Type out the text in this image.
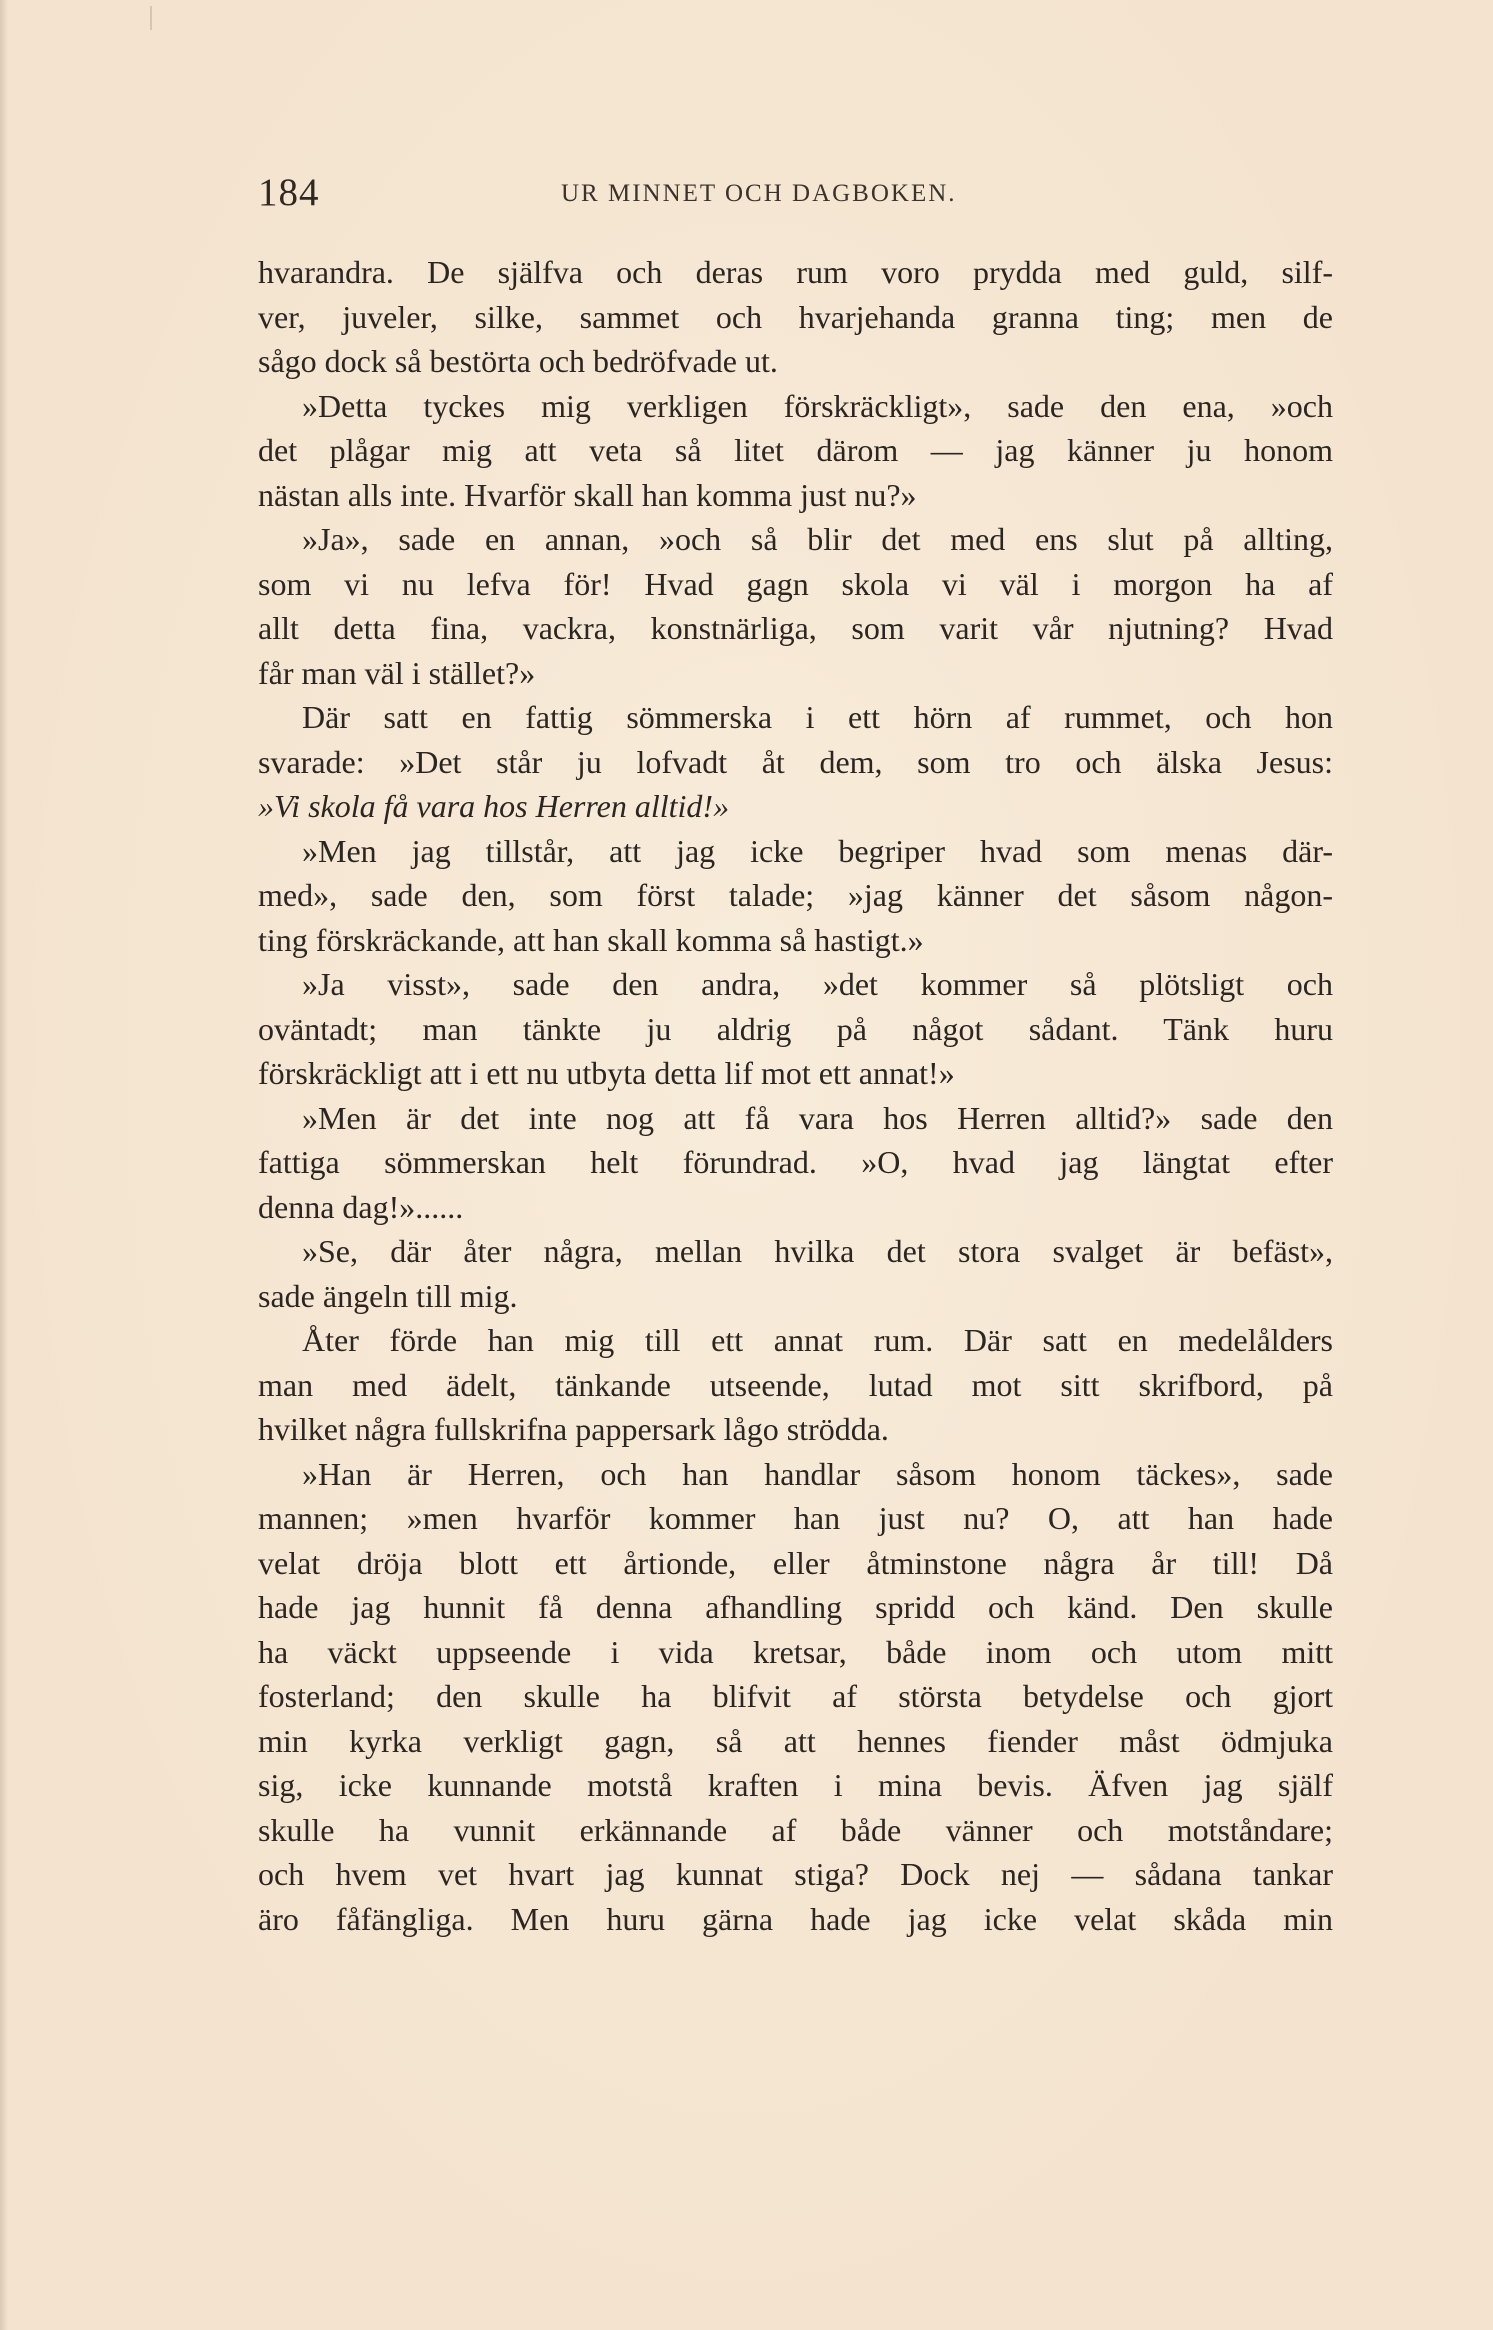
184	UR MINNET OCH DAGBOKEN.
hvarandra. De själfva och deras rum voro prydda med guld, silf-
ver, juveler, silke, sammet och hvarjehanda granna ting; men de
sågo dock så bestörta och bedröfvade ut.
»Detta tyckes mig verkligen förskräckligt», sade den ena, »och
det plågar mig att veta så litet därom — jag känner ju honom
nästan alls inte. Hvarför skall han komma just nu?»
»Ja», sade en annan, »och så blir det med ens slut på allting,
som vi nu lefva för! Hvad gagn skola vi väl i morgon ha af
allt detta fina, vackra, konstnärliga, som varit vår njutning? Hvad
får man väl i stället?»
Där satt en fattig sömmerska i ett hörn af rummet, och hon
svarade: »Det står ju lofvadt åt dem, som tro och älska Jesus:
»Vi skola få vara hos Herren alltid!»
»Men jag tillstår, att jag icke begriper hvad som menas där-
med», sade den, som först talade; »jag känner det såsom någon-
ting förskräckande, att han skall komma så hastigt.»
»Ja visst», sade den andra, »det kommer så plötsligt och
oväntadt; man tänkte ju aldrig på något sådant. Tänk huru
förskräckligt att i ett nu utbyta detta lif mot ett annat!»
»Men är det inte nog att få vara hos Herren alltid?» sade den
fattiga sömmerskan helt förundrad. »O, hvad jag längtat efter
denna dag!»......
»Se, där åter några, mellan hvilka det stora svalget är befäst»,
sade ängeln till mig.
Åter förde han mig till ett annat rum. Där satt en medelålders
man med ädelt, tänkande utseende, lutad mot sitt skrifbord, på
hvilket några fullskrifna pappersark lågo strödda.
»Han är Herren, och han handlar såsom honom täckes», sade
mannen; »men hvarför kommer han just nu? O, att han hade
velat dröja blott ett årtionde, eller åtminstone några år till! Då
hade jag hunnit få denna afhandling spridd och känd. Den skulle
ha väckt uppseende i vida kretsar, både inom och utom mitt
fosterland; den skulle ha blifvit af största betydelse och gjort
min kyrka verkligt gagn, så att hennes fiender måst ödmjuka
sig, icke kunnande motstå kraften i mina bevis. Äfven jag själf
skulle ha vunnit erkännande af både vänner och motståndare;
och hvem vet hvart jag kunnat stiga? Dock nej — sådana tankar
äro fåfängliga. Men huru gärna hade jag icke velat skåda min
